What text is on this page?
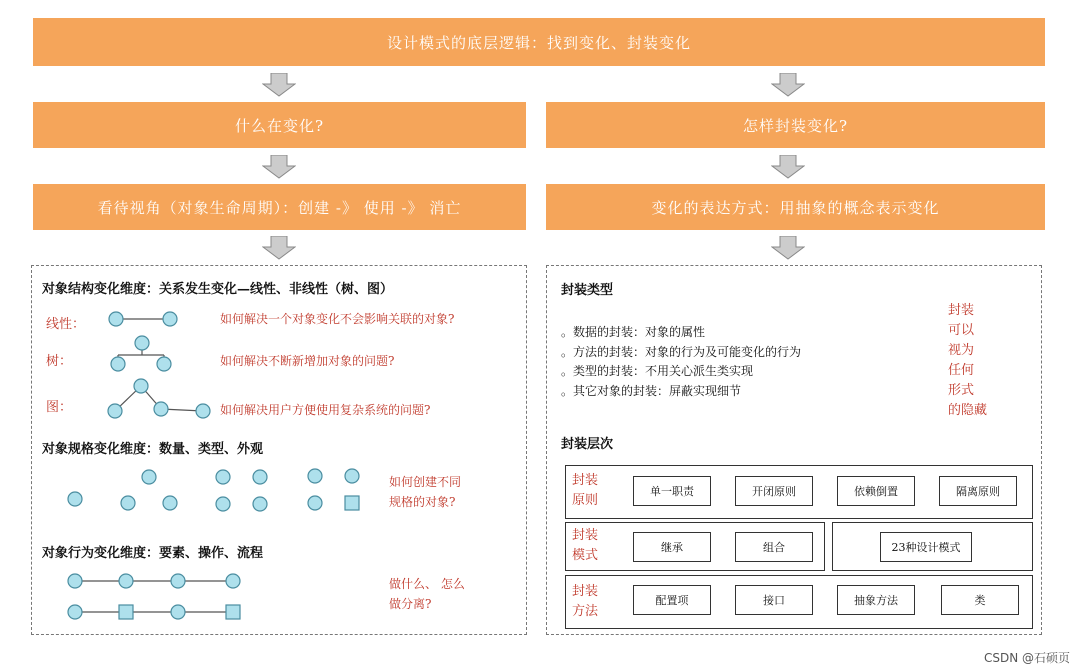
设计模式的底层逻辑：找到变化、封装变化
什么在变化?	怎样封装变化?
看待视角（对象生命周期）：创建 -》 使用 -》 消亡	变化的表达方式：用抽象的概念表示变化
对象结构变化维度：关系发生变化—线性、非线性（树、图）
线性：	如何解决一个对象变化不会影响关联的对象?
树：	如何解决不断新增加对象的问题?
图：	如何解决用户方便使用复杂系统的问题?
对象规格变化维度：数量、类型、外观
如何创建不同
规格的对象?
对象行为变化维度：要素、操作、流程
做什么、 怎么
做分离?
封装类型
。数据的封装：对象的属性
。方法的封装：对象的行为及可能变化的行为
。类型的封装：不用关心派生类实现
。其它对象的封装：屏蔽实现细节
封装
可以
视为
任何
形式
的隐藏
封装层次
封装
原则
单一职责	开闭原则	依赖倒置	隔离原则
封装
模式
继承	组合	23种设计模式
封装
方法
配置项	接口	抽象方法	类
CSDN @石硕页
